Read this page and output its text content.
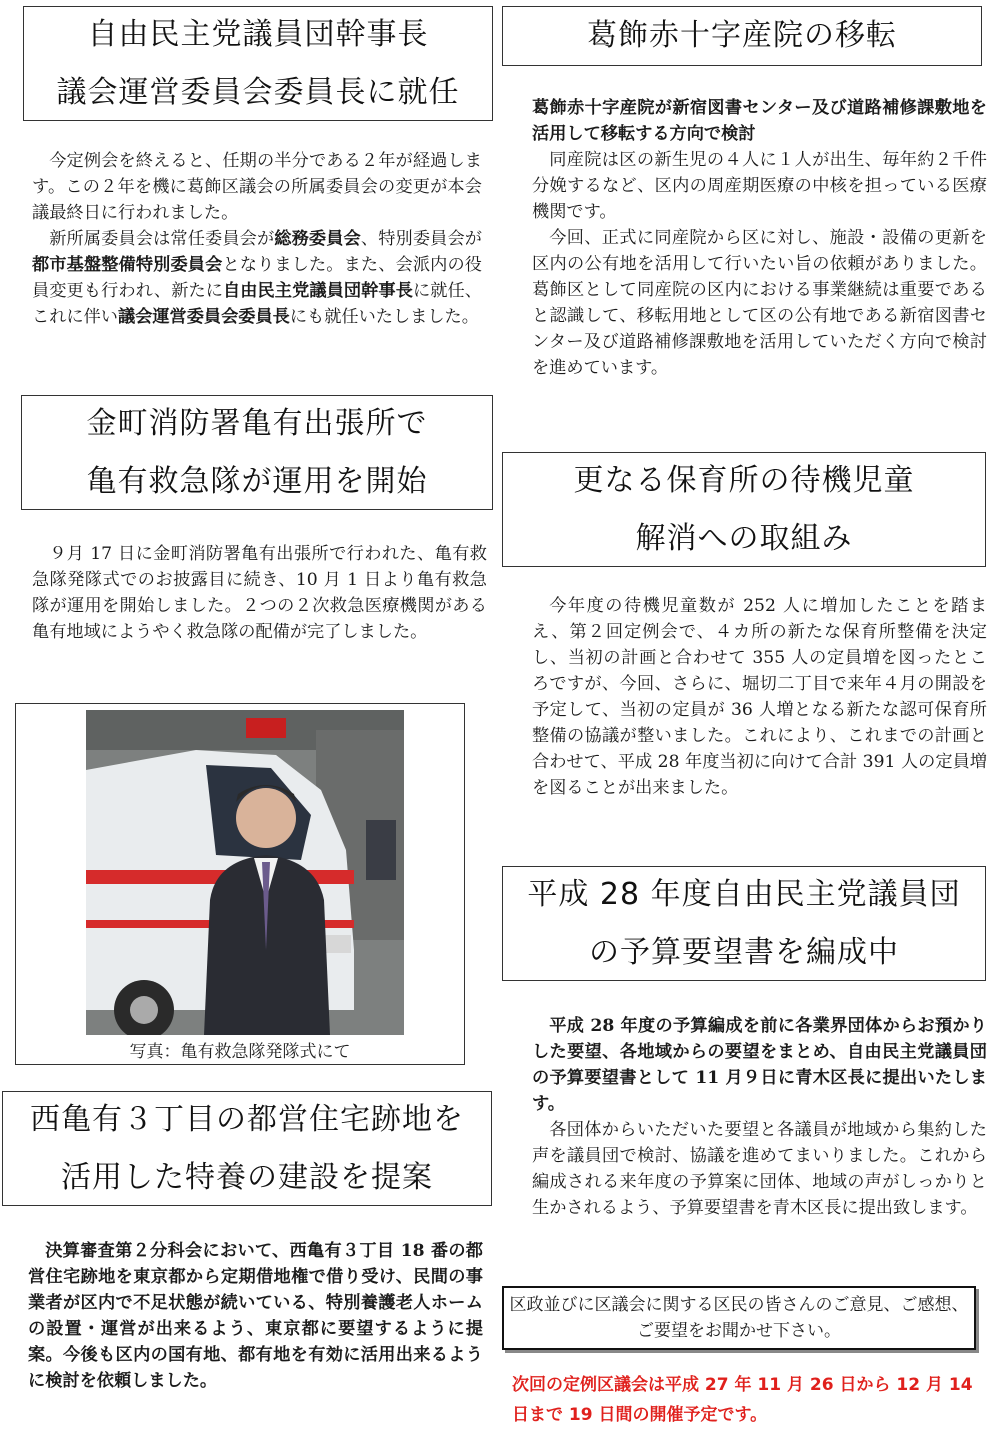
自由民主党議員団幹事長
議会運営委員会委員長に就任

今定例会を終えると、任期の半分である２年が経過します。この２年を機に葛飾区議会の所属委員会の変更が本会議最終日に行われました。

新所属委員会は常任委員会が総務委員会、特別委員会が都市基盤整備特別委員会となりました。また、会派内の役員変更も行われ、新たに自由民主党議員団幹事長に就任、これに伴い議会運営委員会委員長にも就任いたしました。

金町消防署亀有出張所で
亀有救急隊が運用を開始

９月 17 日に金町消防署亀有出張所で行われた、亀有救急隊発隊式でのお披露目に続き、10 月 1 日より亀有救急隊が運用を開始しました。２つの２次救急医療機関がある亀有地域にようやく救急隊の配備が完了しました。

写真：亀有救急隊発隊式にて
西亀有３丁目の都営住宅跡地を
活用した特養の建設を提案

決算審査第２分科会において、西亀有３丁目 18 番の都営住宅跡地を東京都から定期借地権で借り受け、民間の事業者が区内で不足状態が続いている、特別養護老人ホームの設置・運営が出来るよう、東京都に要望するように提案。今後も区内の国有地、都有地を有効に活用出来るように検討を依頼しました。

葛飾赤十字産院の移転

葛飾赤十字産院が新宿図書センター及び道路補修課敷地を活用して移転する方向で検討

同産院は区の新生児の４人に１人が出生、毎年約２千件分娩するなど、区内の周産期医療の中核を担っている医療機関です。

今回、正式に同産院から区に対し、施設・設備の更新を区内の公有地を活用して行いたい旨の依頼がありました。葛飾区として同産院の区内における事業継続は重要であると認識して、移転用地として区の公有地である新宿図書センター及び道路補修課敷地を活用していただく方向で検討を進めています。

更なる保育所の待機児童
解消への取組み

今年度の待機児童数が 252 人に増加したことを踏まえ、第２回定例会で、４カ所の新たな保育所整備を決定し、当初の計画と合わせて 355 人の定員増を図ったところですが、今回、さらに、堀切二丁目で来年４月の開設を予定して、当初の定員が 36 人増となる新たな認可保育所整備の協議が整いました。これにより、これまでの計画と合わせて、平成 28 年度当初に向けて合計 391 人の定員増を図ることが出来ました。

平成 28 年度自由民主党議員団
の予算要望書を編成中

平成 28 年度の予算編成を前に各業界団体からお預かりした要望、各地域からの要望をまとめ、自由民主党議員団の予算要望書として 11 月９日に青木区長に提出いたします。

各団体からいただいた要望と各議員が地域から集約した声を議員団で検討、協議を進めてまいりました。これから編成される来年度の予算案に団体、地域の声がしっかりと生かされるよう、予算要望書を青木区長に提出致します。

区政並びに区議会に関する区民の皆さんのご意見、ご感想、ご要望をお聞かせ下さい。
次回の定例区議会は平成 27 年 11 月 26 日から 12 月 14 日まで 19 日間の開催予定です。
